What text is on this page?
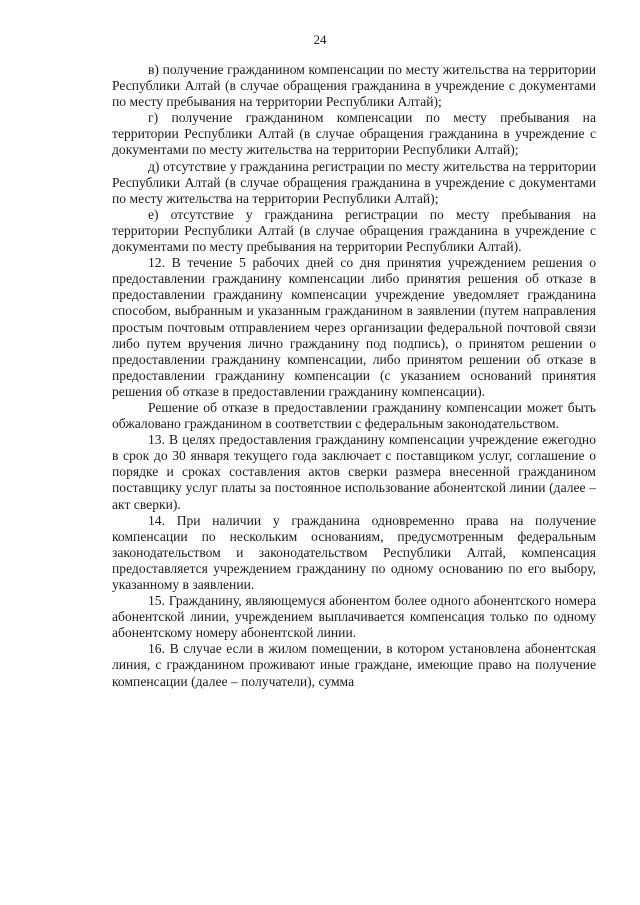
24

в) получение гражданином компенсации по месту жительства на территории Республики Алтай (в случае обращения гражданина в учреждение с документами по месту пребывания на территории Республики Алтай);

г) получение гражданином компенсации по месту пребывания на территории Республики Алтай (в случае обращения гражданина в учреждение с документами по месту жительства на территории Республики Алтай);

д) отсутствие у гражданина регистрации по месту жительства на территории Республики Алтай (в случае обращения гражданина в учреждение с документами по месту жительства на территории Республики Алтай);

е) отсутствие у гражданина регистрации по месту пребывания на территории Республики Алтай (в случае обращения гражданина в учреждение с документами по месту пребывания на территории Республики Алтай).

12. В течение 5 рабочих дней со дня принятия учреждением решения о предоставлении гражданину компенсации либо принятия решения об отказе в предоставлении гражданину компенсации учреждение уведомляет гражданина способом, выбранным и указанным гражданином в заявлении (путем направления простым почтовым отправлением через организации федеральной почтовой связи либо путем вручения лично гражданину под подпись), о принятом решении о предоставлении гражданину компенсации, либо принятом решении об отказе в предоставлении гражданину компенсации (с указанием оснований принятия решения об отказе в предоставлении гражданину компенсации).

Решение об отказе в предоставлении гражданину компенсации может быть обжаловано гражданином в соответствии с федеральным законодательством.

13. В целях предоставления гражданину компенсации учреждение ежегодно в срок до 30 января текущего года заключает с поставщиком услуг, соглашение о порядке и сроках составления актов сверки размера внесенной гражданином поставщику услуг платы за постоянное использование абонентской линии (далее – акт сверки).

14. При наличии у гражданина одновременно права на получение компенсации по нескольким основаниям, предусмотренным федеральным законодательством и законодательством Республики Алтай, компенсация предоставляется учреждением гражданину по одному основанию по его выбору, указанному в заявлении.

15. Гражданину, являющемуся абонентом более одного абонентского номера абонентской линии, учреждением выплачивается компенсация только по одному абонентскому номеру абонентской линии.

16. В случае если в жилом помещении, в котором установлена абонентская линия, с гражданином проживают иные граждане, имеющие право на получение компенсации (далее – получатели), сумма
